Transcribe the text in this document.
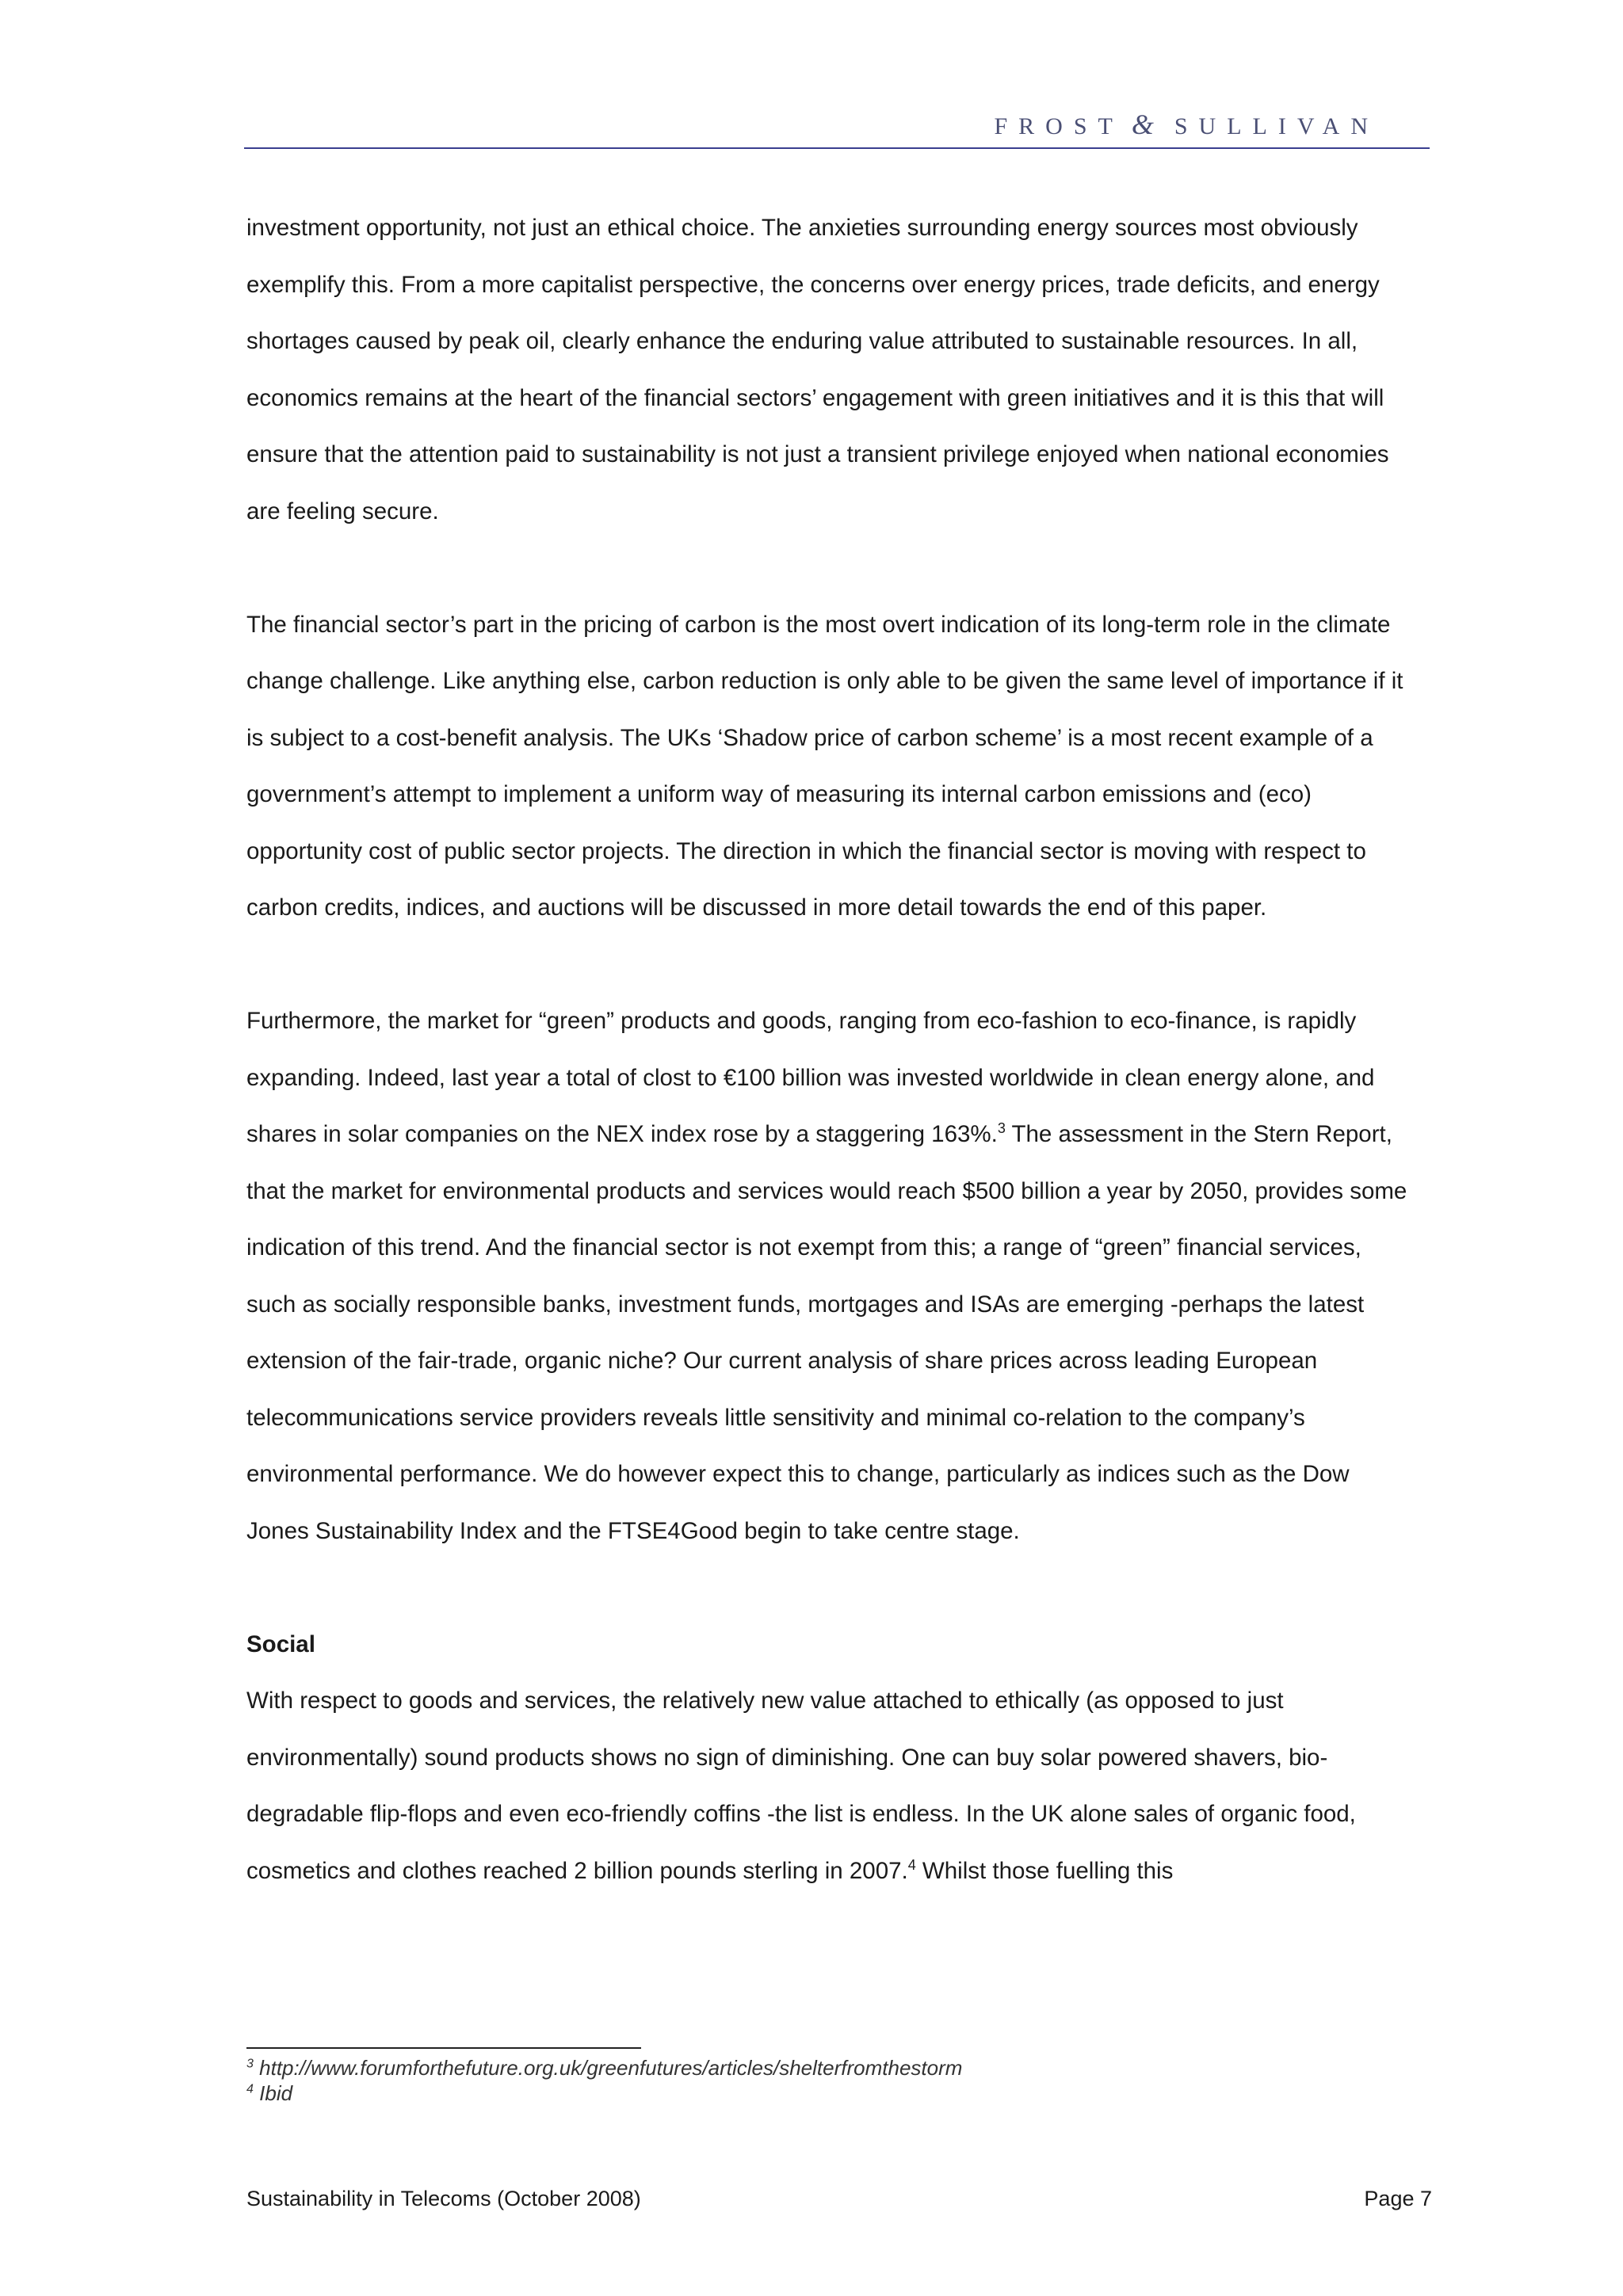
FROST & SULLIVAN

investment opportunity, not just an ethical choice. The anxieties surrounding energy sources most obviously exemplify this. From a more capitalist perspective, the concerns over energy prices, trade deficits, and energy shortages caused by peak oil, clearly enhance the enduring value attributed to sustainable resources. In all, economics remains at the heart of the financial sectors’ engagement with green initiatives and it is this that will ensure that the attention paid to sustainability is not just a transient privilege enjoyed when national economies are feeling secure.

The financial sector’s part in the pricing of carbon is the most overt indication of its long-term role in the climate change challenge. Like anything else, carbon reduction is only able to be given the same level of importance if it is subject to a cost-benefit analysis. The UKs ‘Shadow price of carbon scheme’ is a most recent example of a government’s attempt to implement a uniform way of measuring its internal carbon emissions and (eco) opportunity cost of public sector projects. The direction in which the financial sector is moving with respect to carbon credits, indices, and auctions will be discussed in more detail towards the end of this paper.

Furthermore, the market for “green” products and goods, ranging from eco-fashion to eco-finance, is rapidly expanding. Indeed, last year a total of clost to €100 billion was invested worldwide in clean energy alone, and shares in solar companies on the NEX index rose by a staggering 163%.$^3$ The assessment in the Stern Report, that the market for environmental products and services would reach $500 billion a year by 2050, provides some indication of this trend. And the financial sector is not exempt from this; a range of “green” financial services, such as socially responsible banks, investment funds, mortgages and ISAs are emerging -perhaps the latest extension of the fair-trade, organic niche? Our current analysis of share prices across leading European telecommunications service providers reveals little sensitivity and minimal co-relation to the company’s environmental performance. We do however expect this to change, particularly as indices such as the Dow Jones Sustainability Index and the FTSE4Good begin to take centre stage.

Social

With respect to goods and services, the relatively new value attached to ethically (as opposed to just environmentally) sound products shows no sign of diminishing. One can buy solar powered shavers, bio-degradable flip-flops and even eco-friendly coffins -the list is endless. In the UK alone sales of organic food, cosmetics and clothes reached 2 billion pounds sterling in 2007.$^4$ Whilst those fuelling this

$^3$ http://www.forumforthefuture.org.uk/greenfutures/articles/shelterfromthestorm
$^4$ Ibid
Sustainability in Telecoms (October 2008)	Page 7
